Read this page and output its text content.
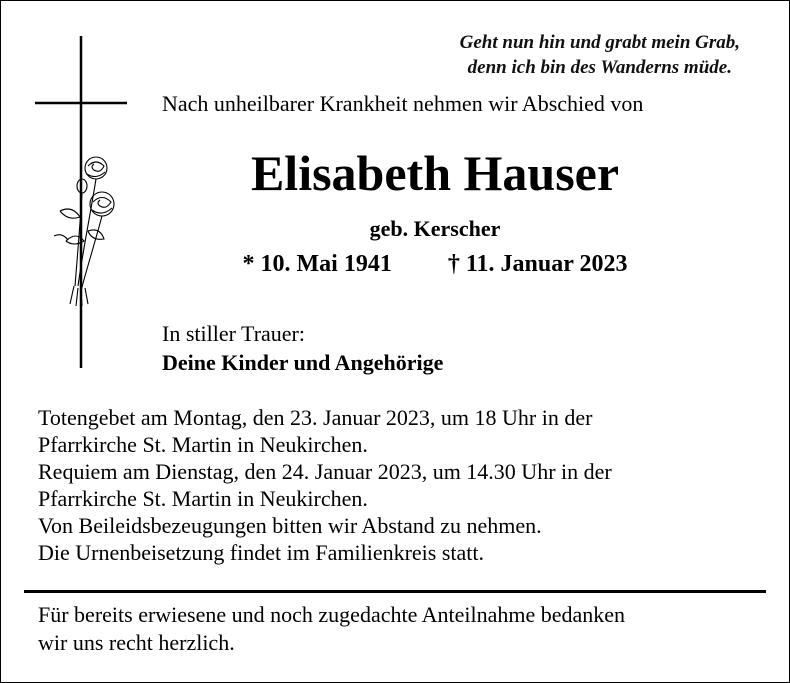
Geht nun hin und grabt mein Grab,
denn ich bin des Wanderns müde.
Nach unheilbarer Krankheit nehmen wir Abschied von
Elisabeth Hauser
geb. Kerscher
* 10. Mai 1941 † 11. Januar 2023
In stiller Trauer:
Deine Kinder und Angehörige
Totengebet am Montag, den 23. Januar 2023, um 18 Uhr in der
Pfarrkirche St. Martin in Neukirchen.
Requiem am Dienstag, den 24. Januar 2023, um 14.30 Uhr in der
Pfarrkirche St. Martin in Neukirchen.
Von Beileidsbezeugungen bitten wir Abstand zu nehmen.
Die Urnenbeisetzung findet im Familienkreis statt.
Für bereits erwiesene und noch zugedachte Anteilnahme bedanken
wir uns recht herzlich.
